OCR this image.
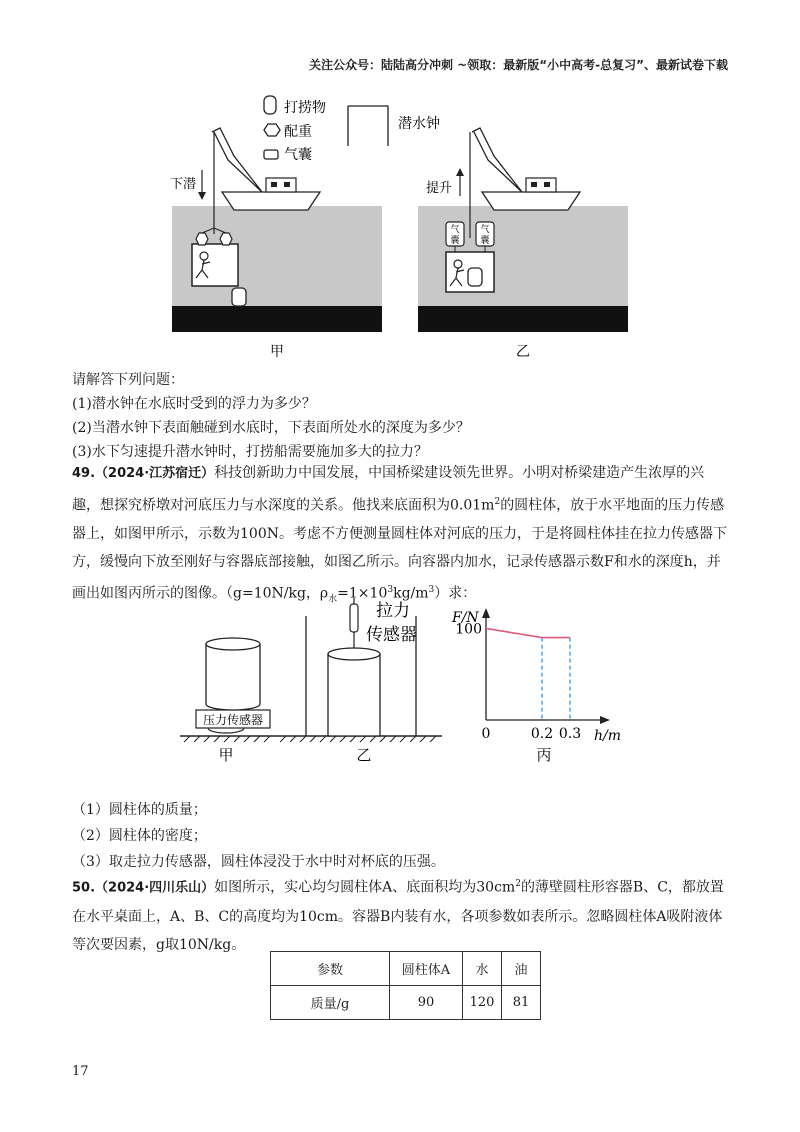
关注公众号：陆陆高分冲刺 ~领取：最新版“小中高考-总复习”、最新试卷下载
打捞物
配重
气囊
潜水钟
下潜
甲
提升
气
囊
气
囊
乙
请解答下列问题：
(1)潜水钟在水底时受到的浮力为多少？
(2)当潜水钟下表面触碰到水底时，下表面所处水的深度为多少？
(3)水下匀速提升潜水钟时，打捞船需要施加多大的拉力？
49.（2024·江苏宿迁）科技创新助力中国发展，中国桥梁建设领先世界。小明对桥梁建造产生浓厚的兴趣，想探究桥墩对河底压力与水深度的关系。他找来底面积为$0.01m^2$的圆柱体，放于水平地面的压力传感器上，如图甲所示，示数为100N。考虑不方便测量圆柱体对河底的压力，于是将圆柱体挂在拉力传感器下方，缓慢向下放至刚好与容器底部接触，如图乙所示。向容器内加水，记录传感器示数F和水的深度h，并画出如图丙所示的图像。（g=10N/kg，$\rho_水=1\times 10^3kg/m^3$）求：
压力传感器
甲
拉力
传感器
乙
F/N
h/m
0	0.2 0.3
100
丙
（1）圆柱体的质量；
（2）圆柱体的密度；
（3）取走拉力传感器，圆柱体浸没于水中时对杯底的压强。
50.（2024·四川乐山）如图所示，实心均匀圆柱体A、底面积均为$30cm^2$的薄壁圆柱形容器B、C，都放置在水平桌面上，A、B、C的高度均为10cm。容器B内装有水，各项参数如表所示。忽略圆柱体A吸附液体等次要因素，g取10N/kg。
参数	圆柱体A	水	油
质量/g	90	120	81
17
